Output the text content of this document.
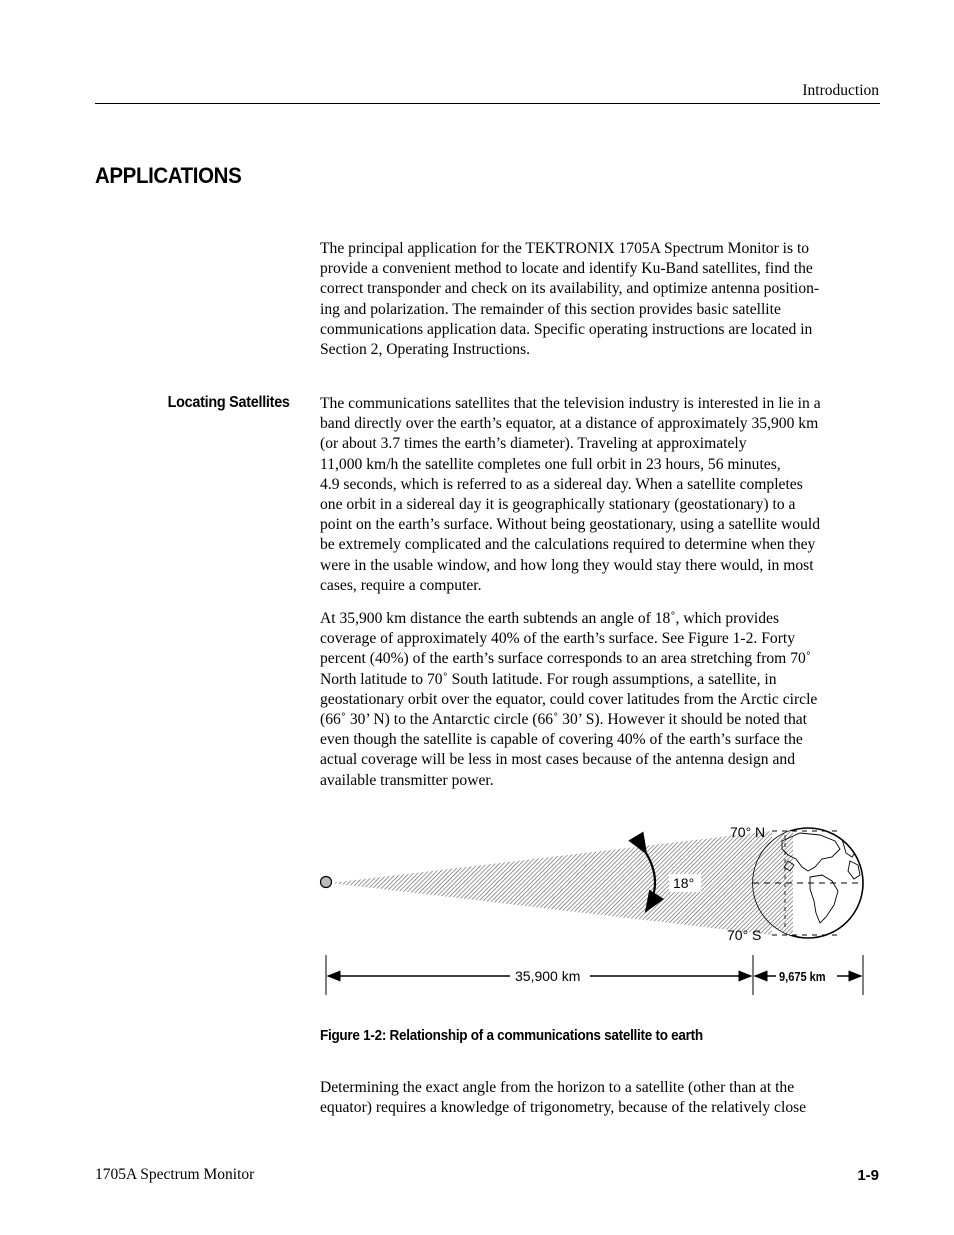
Introduction
APPLICATIONS

The principal application for the TEKTRONIX 1705A Spectrum Monitor is to
provide a convenient method to locate and identify Ku-Band satellites, find the
correct transponder and check on its availability, and optimize antenna position-
ing and polarization. The remainder of this section provides basic satellite
communications application data. Specific operating instructions are located in
Section 2, Operating Instructions.

Locating Satellites The communications satellites that the television industry is interested in lie in a
band directly over the earth’s equator, at a distance of approximately 35,900 km
(or about 3.7 times the earth’s diameter). Traveling at approximately
11,000 km/h the satellite completes one full orbit in 23 hours, 56 minutes,
4.9 seconds, which is referred to as a sidereal day. When a satellite completes
one orbit in a sidereal day it is geographically stationary (geostationary) to a
point on the earth’s surface. Without being geostationary, using a satellite would
be extremely complicated and the calculations required to determine when they
were in the usable window, and how long they would stay there would, in most
cases, require a computer.

At 35,900 km distance the earth subtends an angle of 18˚, which provides
coverage of approximately 40% of the earth’s surface. See Figure 1-2. Forty
percent (40%) of the earth’s surface corresponds to an area stretching from 70˚
North latitude to 70˚ South latitude. For rough assumptions, a satellite, in
geostationary orbit over the equator, could cover latitudes from the Arctic circle
(66˚ 30’ N) to the Antarctic circle (66˚ 30’ S). However it should be noted that
even though the satellite is capable of covering 40% of the earth’s surface the
actual coverage will be less in most cases because of the antenna design and
available transmitter power.

18°
70° N
70° S
35,900 km	9,675 km
Figure 1-2: Relationship of a communications satellite to earth

Determining the exact angle from the horizon to a satellite (other than at the
equator) requires a knowledge of trigonometry, because of the relatively close

1705A Spectrum Monitor	1-9
